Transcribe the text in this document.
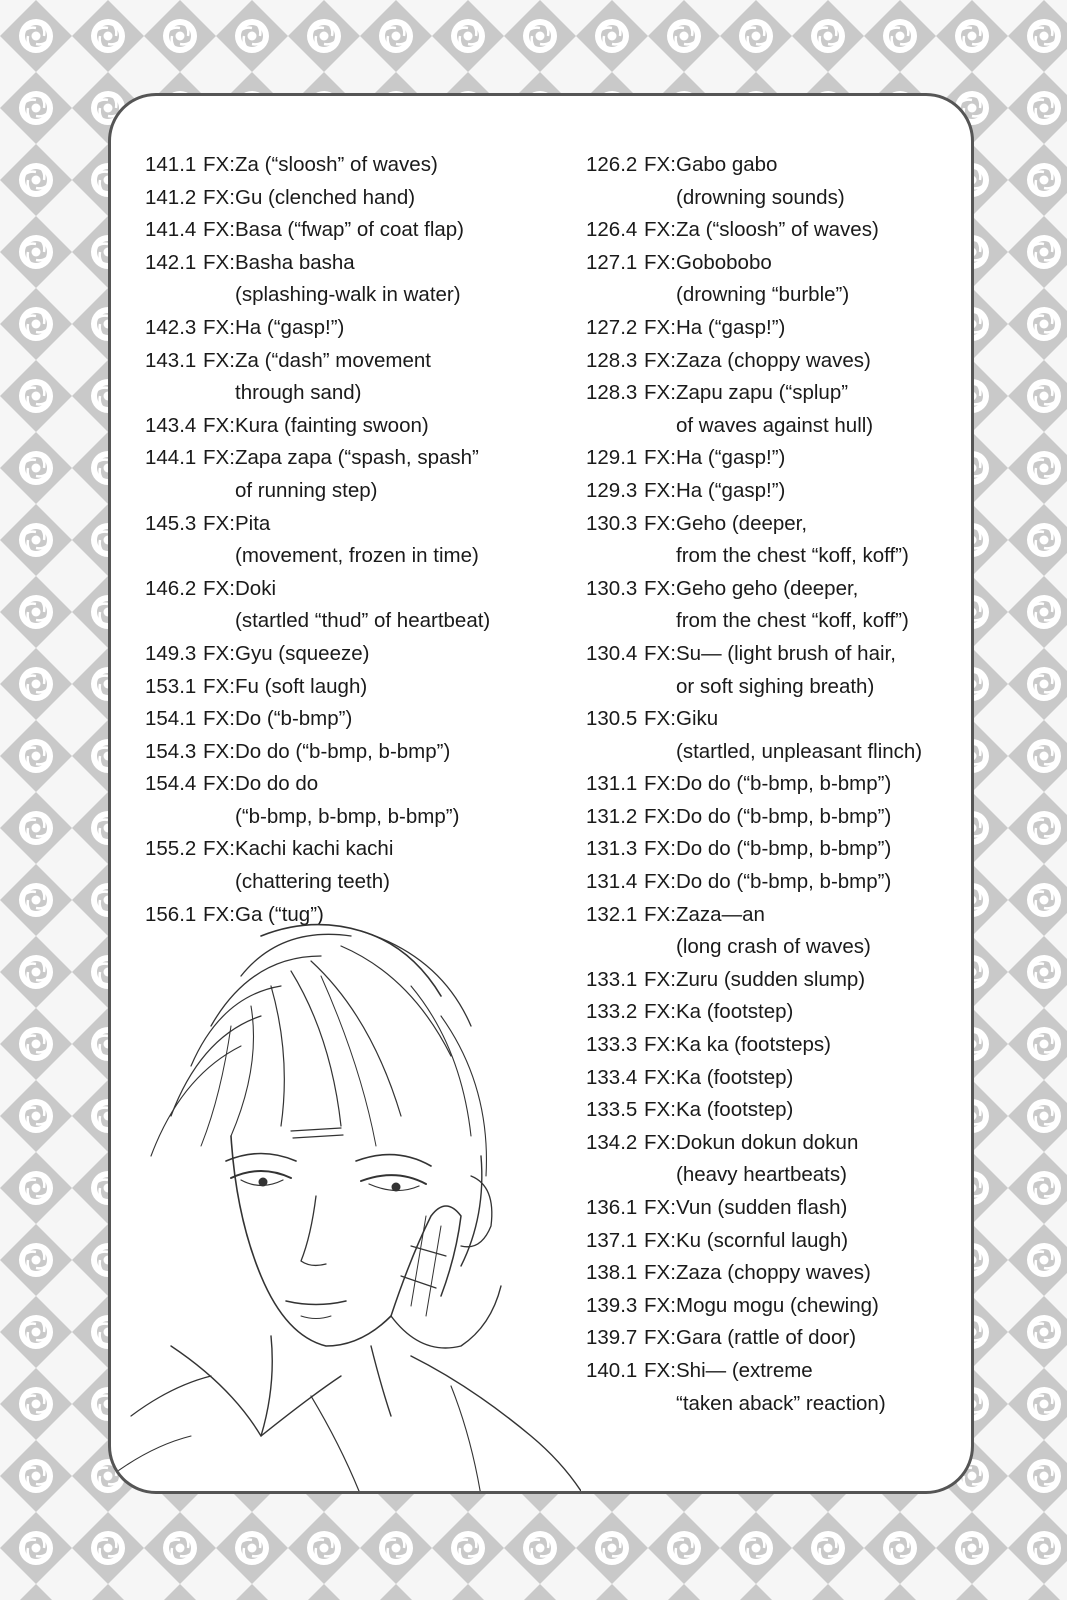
141.1 FX: Za (“sloosh” of waves)
141.2 FX: Gu (clenched hand)
141.4 FX: Basa (“fwap” of coat flap)
142.1 FX: Basha basha
(splashing-walk in water)
142.3 FX: Ha (“gasp!”)
143.1 FX: Za (“dash” movement
through sand)
143.4 FX: Kura (fainting swoon)
144.1 FX: Zapa zapa (“spash, spash”
of running step)
145.3 FX: Pita
(movement, frozen in time)
146.2 FX: Doki
(startled “thud” of heartbeat)
149.3 FX: Gyu (squeeze)
153.1 FX: Fu (soft laugh)
154.1 FX: Do (“b-bmp”)
154.3 FX: Do do (“b-bmp, b-bmp”)
154.4 FX: Do do do
(“b-bmp, b-bmp, b-bmp”)
155.2 FX: Kachi kachi kachi
(chattering teeth)
156.1 FX: Ga (“tug”)
126.2 FX: Gabo gabo
(drowning sounds)
126.4 FX: Za (“sloosh” of waves)
127.1 FX: Gobobobo
(drowning “burble”)
127.2 FX: Ha (“gasp!”)
128.3 FX: Zaza (choppy waves)
128.3 FX: Zapu zapu (“splup”
of waves against hull)
129.1 FX: Ha (“gasp!”)
129.3 FX: Ha (“gasp!”)
130.3 FX: Geho (deeper,
from the chest “koff, koff”)
130.3 FX: Geho geho (deeper,
from the chest “koff, koff”)
130.4 FX: Su— (light brush of hair,
or soft sighing breath)
130.5 FX: Giku
(startled, unpleasant flinch)
131.1 FX: Do do (“b-bmp, b-bmp”)
131.2 FX: Do do (“b-bmp, b-bmp”)
131.3 FX: Do do (“b-bmp, b-bmp”)
131.4 FX: Do do (“b-bmp, b-bmp”)
132.1 FX: Zaza—an
(long crash of waves)
133.1 FX: Zuru (sudden slump)
133.2 FX: Ka (footstep)
133.3 FX: Ka ka (footsteps)
133.4 FX: Ka (footstep)
133.5 FX: Ka (footstep)
134.2 FX: Dokun dokun dokun
(heavy heartbeats)
136.1 FX: Vun (sudden flash)
137.1 FX: Ku (scornful laugh)
138.1 FX: Zaza (choppy waves)
139.3 FX: Mogu mogu (chewing)
139.7 FX: Gara (rattle of door)
140.1 FX: Shi— (extreme
“taken aback” reaction)
